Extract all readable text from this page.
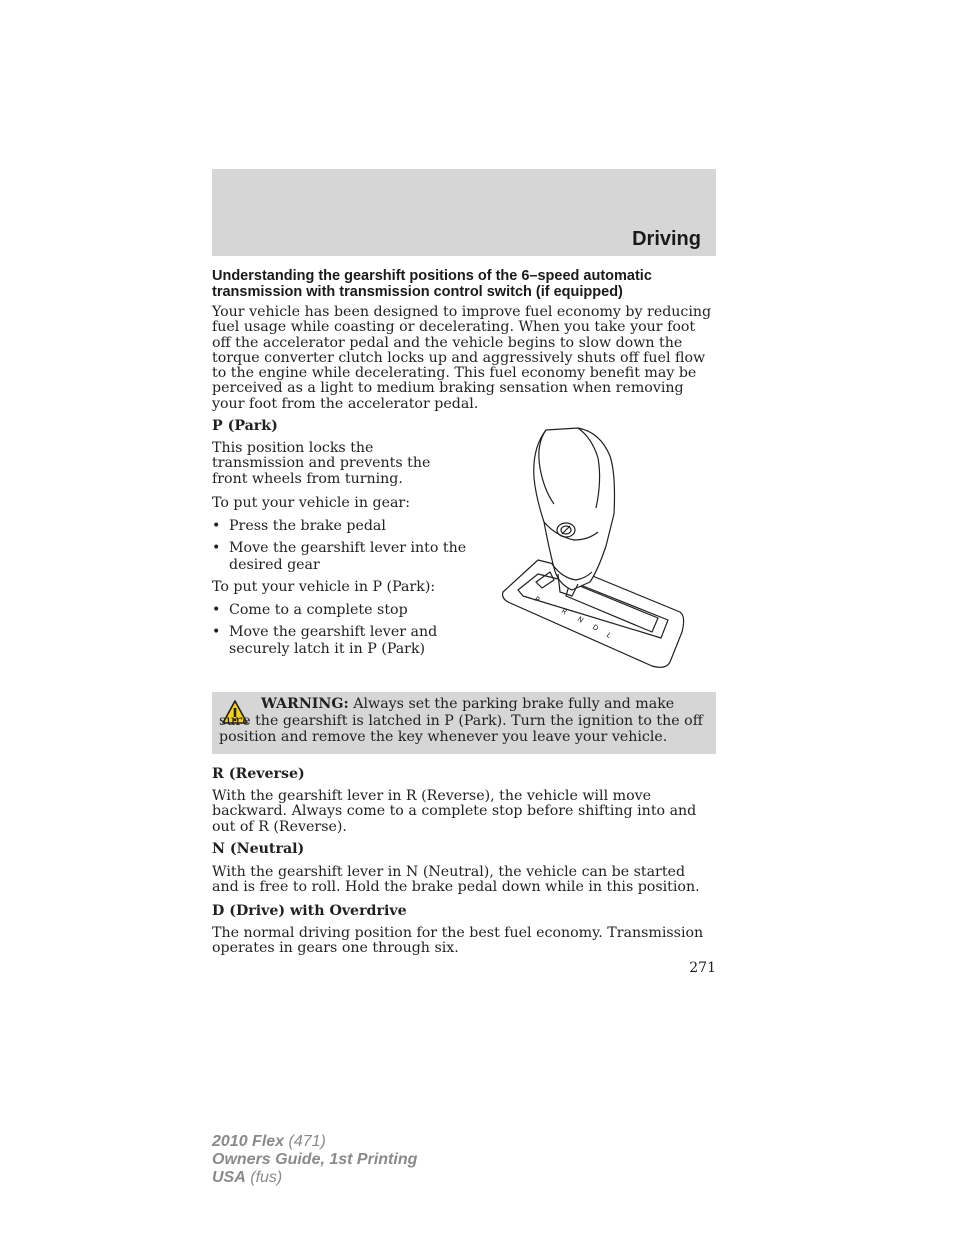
Driving
Understanding the gearshift positions of the 6–speed automatic transmission with transmission control switch (if equipped)

Your vehicle has been designed to improve fuel economy by reducing fuel usage while coasting or decelerating. When you take your foot off the accelerator pedal and the vehicle begins to slow down the torque converter clutch locks up and aggressively shuts off fuel flow to the engine while decelerating. This fuel economy benefit may be perceived as a light to medium braking sensation when removing your foot from the accelerator pedal.

P (Park)

This position locks the transmission and prevents the front wheels from turning.

To put your vehicle in gear:

• Press the brake pedal
• Move the gearshift lever into the desired gear

To put your vehicle in P (Park):

• Come to a complete stop
• Move the gearshift lever and securely latch it in P (Park)
P
R
N
D
L
WARNING: Always set the parking brake fully and make sure the gearshift is latched in P (Park). Turn the ignition to the off position and remove the key whenever you leave your vehicle.
R (Reverse)

With the gearshift lever in R (Reverse), the vehicle will move backward. Always come to a complete stop before shifting into and out of R (Reverse).

N (Neutral)

With the gearshift lever in N (Neutral), the vehicle can be started and is free to roll. Hold the brake pedal down while in this position.

D (Drive) with Overdrive

The normal driving position for the best fuel economy. Transmission operates in gears one through six.

271
2010 Flex (471)
Owners Guide, 1st Printing
USA (fus)
